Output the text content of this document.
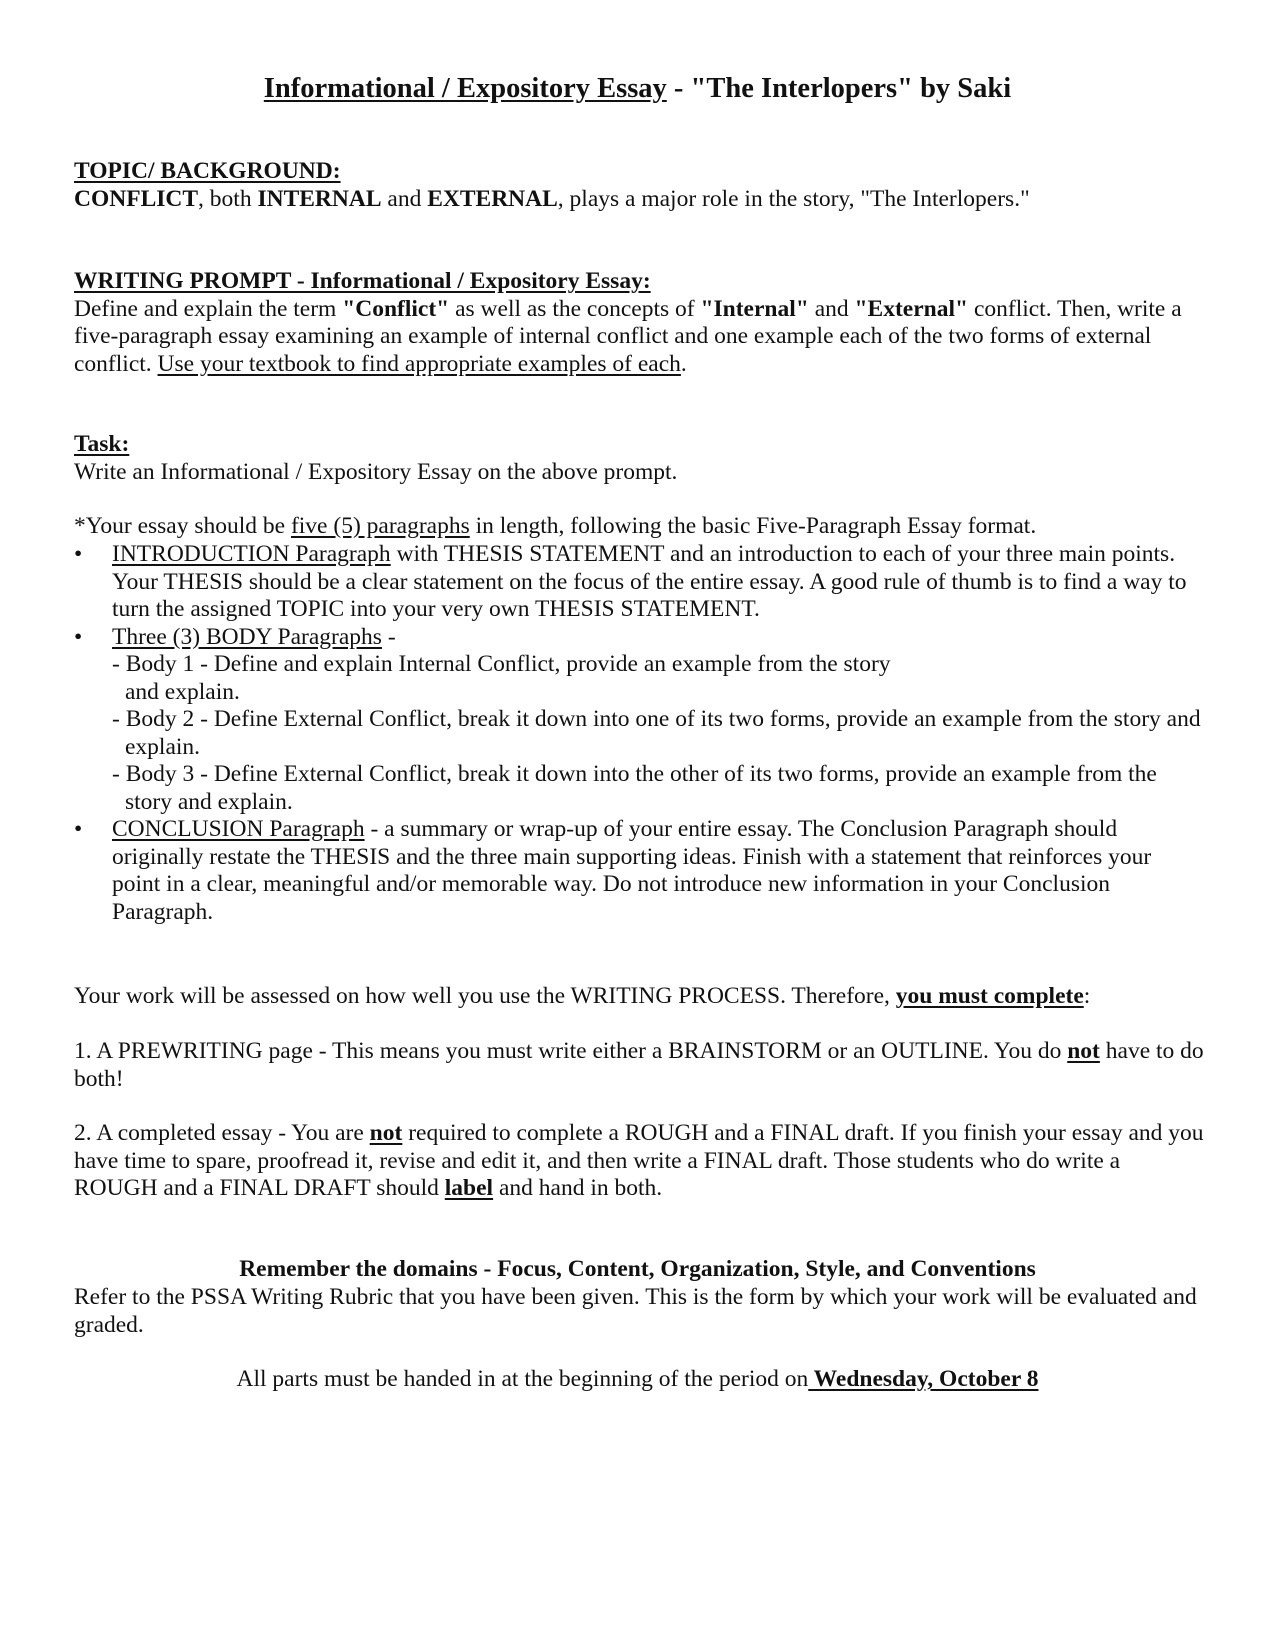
Informational / Expository Essay - "The Interlopers" by Saki
TOPIC/ BACKGROUND:
CONFLICT, both INTERNAL and EXTERNAL, plays a major role in the story, "The Interlopers."
WRITING PROMPT - Informational / Expository Essay:
Define and explain the term "Conflict" as well as the concepts of "Internal" and "External" conflict. Then, write a five-paragraph essay examining an example of internal conflict and one example each of the two forms of external conflict. Use your textbook to find appropriate examples of each.
Task:
Write an Informational / Expository Essay on the above prompt.
*Your essay should be five (5) paragraphs in length, following the basic Five-Paragraph Essay format.
•	INTRODUCTION Paragraph with THESIS STATEMENT and an introduction to each of your three main points. Your THESIS should be a clear statement on the focus of the entire essay. A good rule of thumb is to find a way to turn the assigned TOPIC into your very own THESIS STATEMENT.
•	Three (3) BODY Paragraphs -
- Body 1 - Define and explain Internal Conflict, provide an example from the story and explain.
- Body 2 - Define External Conflict, break it down into one of its two forms, provide an example from the story and explain.
- Body 3 - Define External Conflict, break it down into the other of its two forms, provide an example from the story and explain.
•	CONCLUSION Paragraph - a summary or wrap-up of your entire essay. The Conclusion Paragraph should originally restate the THESIS and the three main supporting ideas. Finish with a statement that reinforces your point in a clear, meaningful and/or memorable way. Do not introduce new information in your Conclusion Paragraph.
Your work will be assessed on how well you use the WRITING PROCESS. Therefore, you must complete:
1. A PREWRITING page - This means you must write either a BRAINSTORM or an OUTLINE. You do not have to do both!
2. A completed essay - You are not required to complete a ROUGH and a FINAL draft. If you finish your essay and you have time to spare, proofread it, revise and edit it, and then write a FINAL draft. Those students who do write a ROUGH and a FINAL DRAFT should label and hand in both.
Remember the domains - Focus, Content, Organization, Style, and Conventions
Refer to the PSSA Writing Rubric that you have been given. This is the form by which your work will be evaluated and graded.
All parts must be handed in at the beginning of the period on Wednesday, October 8
